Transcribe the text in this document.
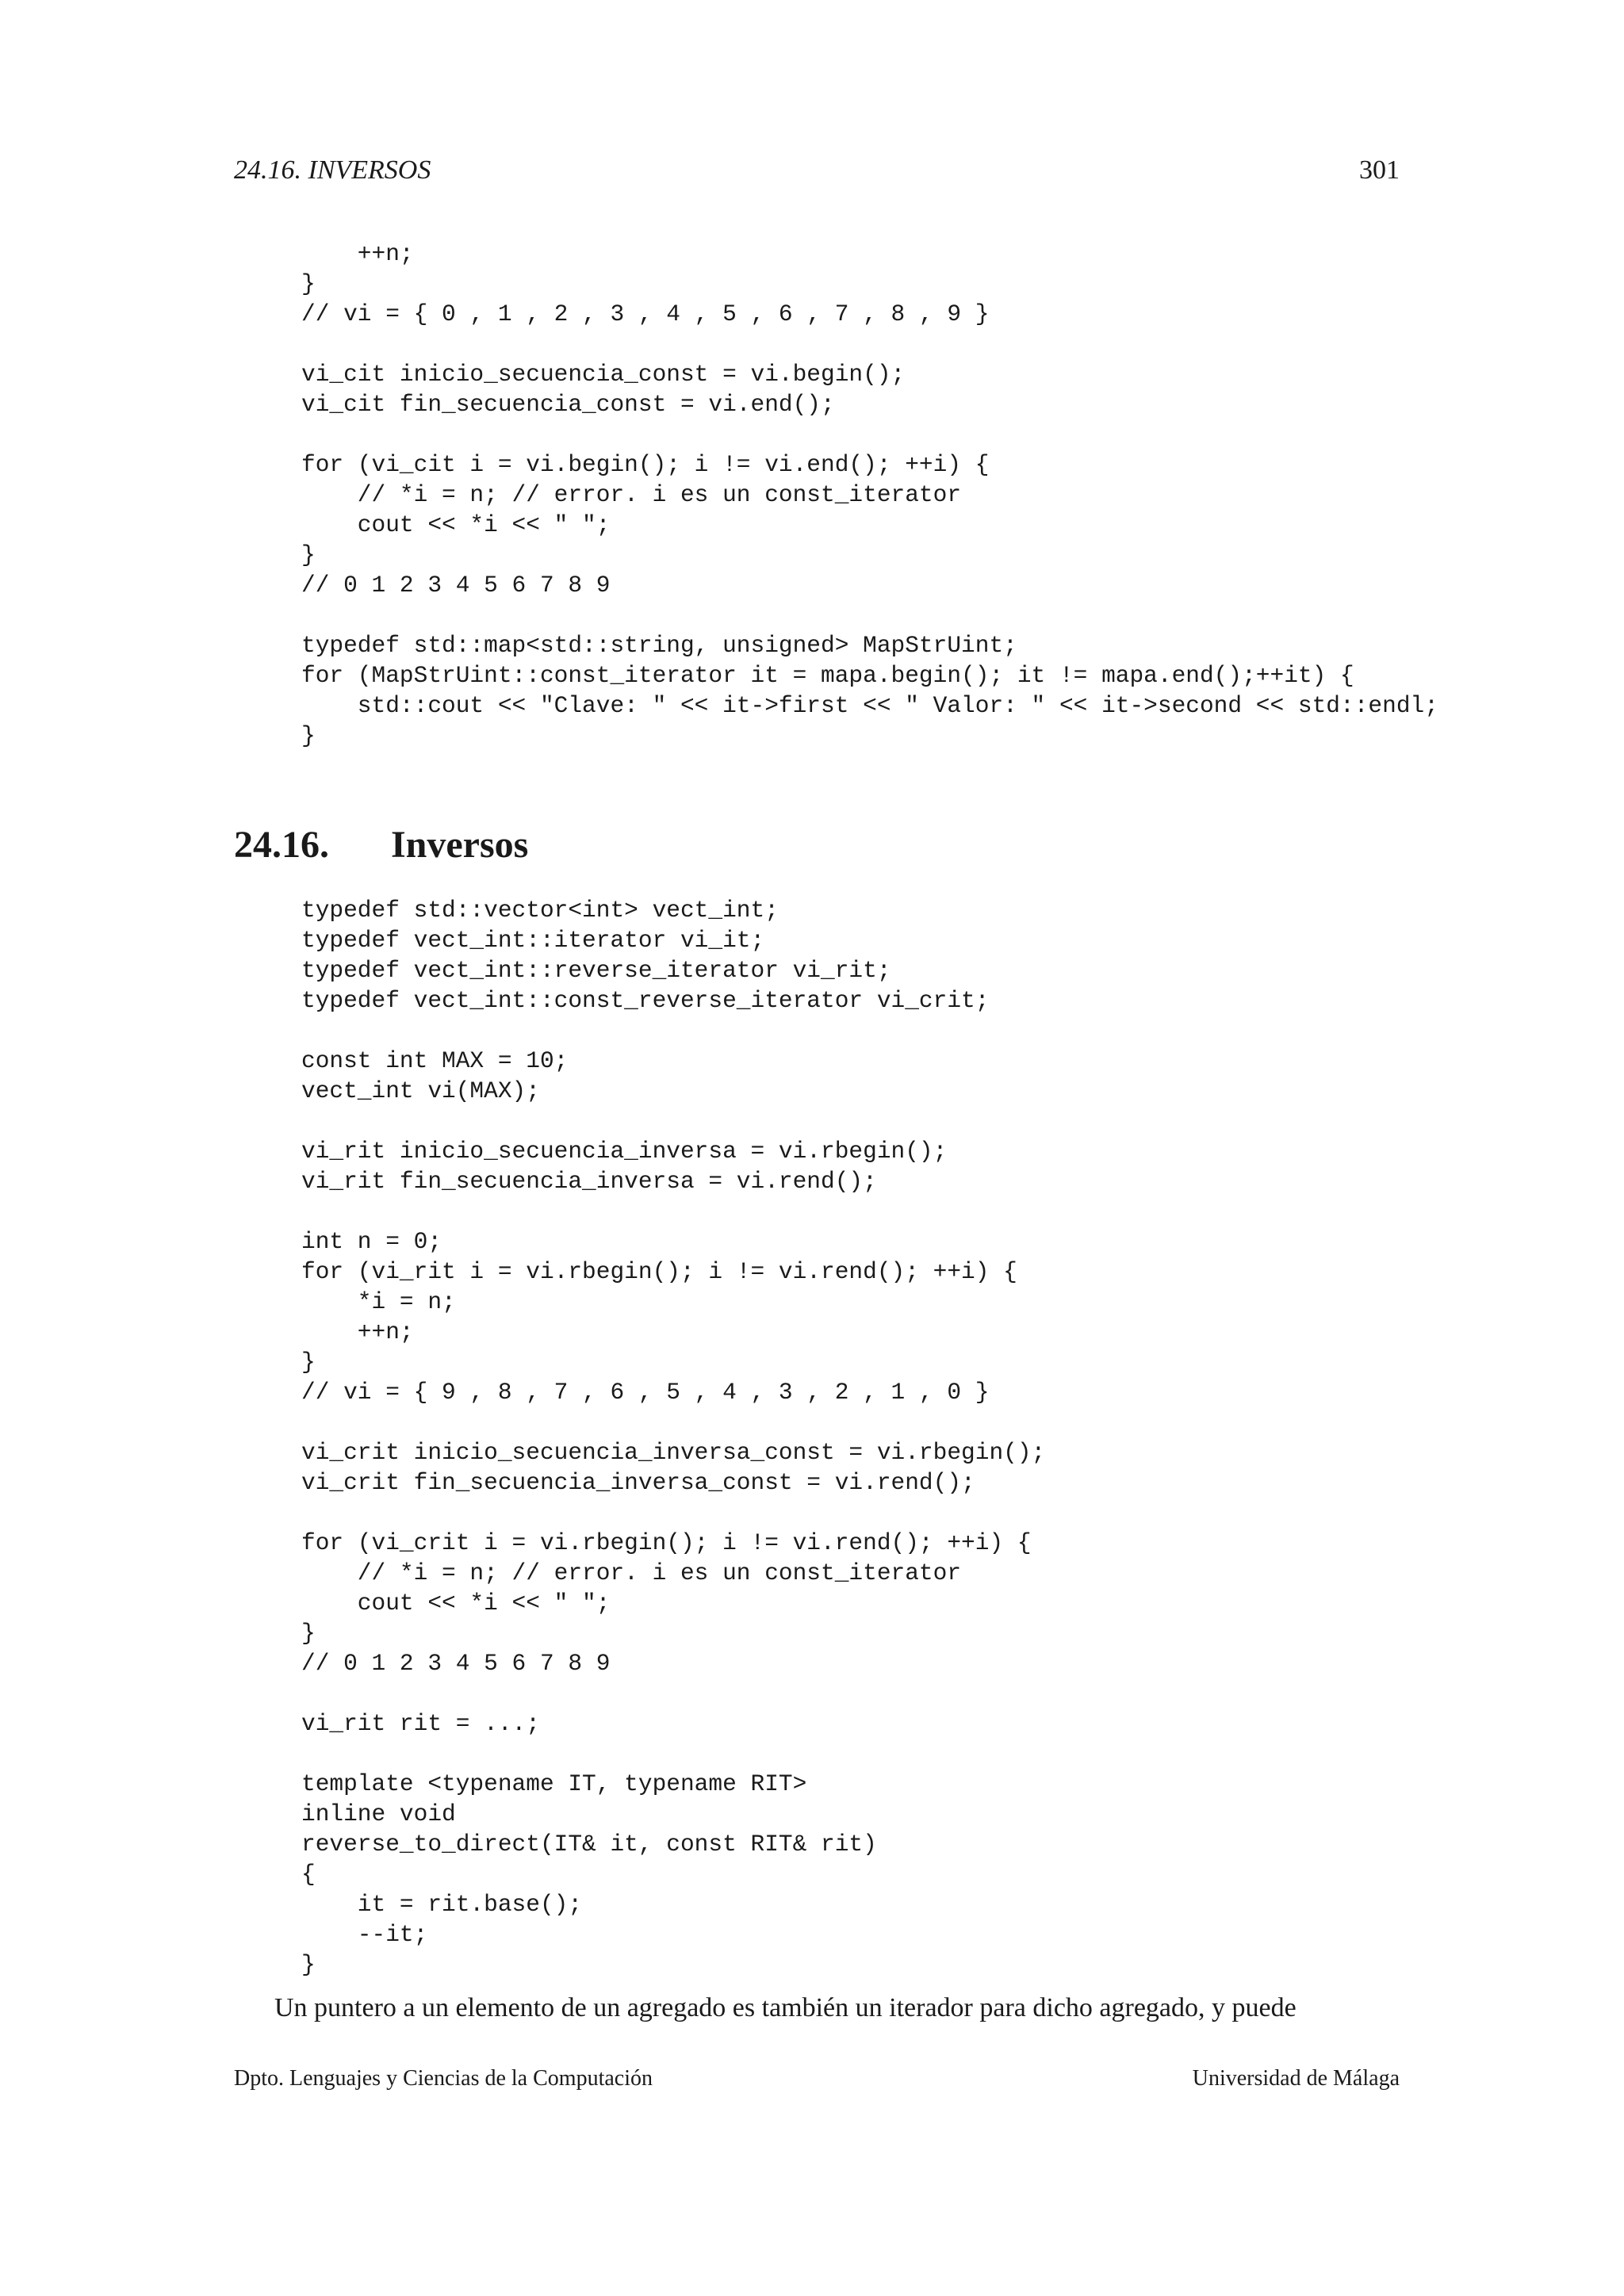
24.16. INVERSOS	301
++n;
}
// vi = { 0 , 1 , 2 , 3 , 4 , 5 , 6 , 7 , 8 , 9 }

vi_cit inicio_secuencia_const = vi.begin();
vi_cit fin_secuencia_const = vi.end();

for (vi_cit i = vi.begin(); i != vi.end(); ++i) {
// *i = n; // error. i es un const_iterator
cout << *i << " ";
}
// 0 1 2 3 4 5 6 7 8 9

typedef std::map<std::string, unsigned> MapStrUint;
for (MapStrUint::const_iterator it = mapa.begin(); it != mapa.end();++it) {
std::cout << "Clave: " << it->first << " Valor: " << it->second << std::endl;
}
24.16. Inversos
typedef std::vector<int> vect_int;
typedef vect_int::iterator vi_it;
typedef vect_int::reverse_iterator vi_rit;
typedef vect_int::const_reverse_iterator vi_crit;

const int MAX = 10;
vect_int vi(MAX);

vi_rit inicio_secuencia_inversa = vi.rbegin();
vi_rit fin_secuencia_inversa = vi.rend();

int n = 0;
for (vi_rit i = vi.rbegin(); i != vi.rend(); ++i) {
*i = n;
++n;
}
// vi = { 9 , 8 , 7 , 6 , 5 , 4 , 3 , 2 , 1 , 0 }

vi_crit inicio_secuencia_inversa_const = vi.rbegin();
vi_crit fin_secuencia_inversa_const = vi.rend();

for (vi_crit i = vi.rbegin(); i != vi.rend(); ++i) {
// *i = n; // error. i es un const_iterator
cout << *i << " ";
}
// 0 1 2 3 4 5 6 7 8 9

vi_rit rit = ...;

template <typename IT, typename RIT>
inline void
reverse_to_direct(IT& it, const RIT& rit)
{
it = rit.base();
--it;
}

Un puntero a un elemento de un agregado es también un iterador para dicho agregado, y puede

Dpto. Lenguajes y Ciencias de la Computación	Universidad de Málaga
